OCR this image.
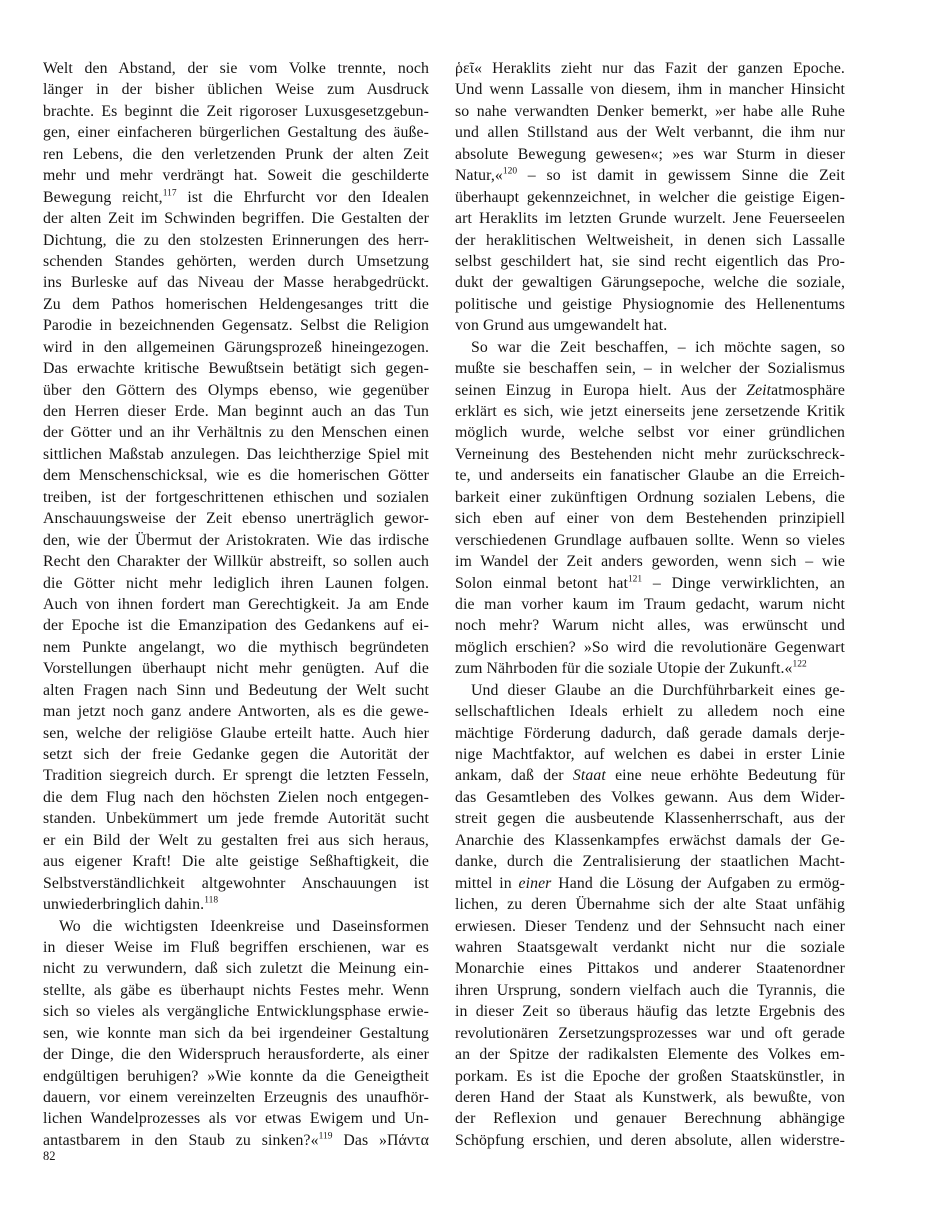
Welt den Abstand, der sie vom Volke trennte, noch
länger in der bisher üblichen Weise zum Ausdruck
brachte. Es beginnt die Zeit rigoroser Luxusgesetzgebun-
gen, einer einfacheren bürgerlichen Gestaltung des äuße-
ren Lebens, die den verletzenden Prunk der alten Zeit
mehr und mehr verdrängt hat. Soweit die geschilderte
Bewegung reicht,$^{117}$ ist die Ehrfurcht vor den Idealen
der alten Zeit im Schwinden begriffen. Die Gestalten der
Dichtung, die zu den stolzesten Erinnerungen des herr-
schenden Standes gehörten, werden durch Umsetzung
ins Burleske auf das Niveau der Masse herabgedrückt.
Zu dem Pathos homerischen Heldengesanges tritt die
Parodie in bezeichnenden Gegensatz. Selbst die Religion
wird in den allgemeinen Gärungsprozeß hineingezogen.
Das erwachte kritische Bewußtsein betätigt sich gegen-
über den Göttern des Olymps ebenso, wie gegenüber
den Herren dieser Erde. Man beginnt auch an das Tun
der Götter und an ihr Verhältnis zu den Menschen einen
sittlichen Maßstab anzulegen. Das leichtherzige Spiel mit
dem Menschenschicksal, wie es die homerischen Götter
treiben, ist der fortgeschrittenen ethischen und sozialen
Anschauungsweise der Zeit ebenso unerträglich gewor-
den, wie der Übermut der Aristokraten. Wie das irdische
Recht den Charakter der Willkür abstreift, so sollen auch
die Götter nicht mehr lediglich ihren Launen folgen.
Auch von ihnen fordert man Gerechtigkeit. Ja am Ende
der Epoche ist die Emanzipation des Gedankens auf ei-
nem Punkte angelangt, wo die mythisch begründeten
Vorstellungen überhaupt nicht mehr genügten. Auf die
alten Fragen nach Sinn und Bedeutung der Welt sucht
man jetzt noch ganz andere Antworten, als es die gewe-
sen, welche der religiöse Glaube erteilt hatte. Auch hier
setzt sich der freie Gedanke gegen die Autorität der
Tradition siegreich durch. Er sprengt die letzten Fesseln,
die dem Flug nach den höchsten Zielen noch entgegen-
standen. Unbekümmert um jede fremde Autorität sucht
er ein Bild der Welt zu gestalten frei aus sich heraus,
aus eigener Kraft! Die alte geistige Seßhaftigkeit, die
Selbstverständlichkeit altgewohnter Anschauungen ist
unwiederbringlich dahin.$^{118}$
Wo die wichtigsten Ideenkreise und Daseinsformen
in dieser Weise im Fluß begriffen erschienen, war es
nicht zu verwundern, daß sich zuletzt die Meinung ein-
stellte, als gäbe es überhaupt nichts Festes mehr. Wenn
sich so vieles als vergängliche Entwicklungsphase erwie-
sen, wie konnte man sich da bei irgendeiner Gestaltung
der Dinge, die den Widerspruch herausforderte, als einer
endgültigen beruhigen? »Wie konnte da die Geneigtheit
dauern, vor einem vereinzelten Erzeugnis des unaufhör-
lichen Wandelprozesses als vor etwas Ewigem und Un-
antastbarem in den Staub zu sinken?«$^{119}$ Das »Πάντα
ῥεῖ« Heraklits zieht nur das Fazit der ganzen Epoche.
Und wenn Lassalle von diesem, ihm in mancher Hinsicht
so nahe verwandten Denker bemerkt, »er habe alle Ruhe
und allen Stillstand aus der Welt verbannt, die ihm nur
absolute Bewegung gewesen«; »es war Sturm in dieser
Natur,«$^{120}$ – so ist damit in gewissem Sinne die Zeit
überhaupt gekennzeichnet, in welcher die geistige Eigen-
art Heraklits im letzten Grunde wurzelt. Jene Feuerseelen
der heraklitischen Weltweisheit, in denen sich Lassalle
selbst geschildert hat, sie sind recht eigentlich das Pro-
dukt der gewaltigen Gärungsepoche, welche die soziale,
politische und geistige Physiognomie des Hellenentums
von Grund aus umgewandelt hat.
So war die Zeit beschaffen, – ich möchte sagen, so
mußte sie beschaffen sein, – in welcher der Sozialismus
seinen Einzug in Europa hielt. Aus der Zeitatmosphäre
erklärt es sich, wie jetzt einerseits jene zersetzende Kritik
möglich wurde, welche selbst vor einer gründlichen
Verneinung des Bestehenden nicht mehr zurückschreck-
te, und anderseits ein fanatischer Glaube an die Erreich-
barkeit einer zukünftigen Ordnung sozialen Lebens, die
sich eben auf einer von dem Bestehenden prinzipiell
verschiedenen Grundlage aufbauen sollte. Wenn so vieles
im Wandel der Zeit anders geworden, wenn sich – wie
Solon einmal betont hat$^{121}$ – Dinge verwirklichten, an
die man vorher kaum im Traum gedacht, warum nicht
noch mehr? Warum nicht alles, was erwünscht und
möglich erschien? »So wird die revolutionäre Gegenwart
zum Nährboden für die soziale Utopie der Zukunft.«$^{122}$
Und dieser Glaube an die Durchführbarkeit eines ge-
sellschaftlichen Ideals erhielt zu alledem noch eine
mächtige Förderung dadurch, daß gerade damals derje-
nige Machtfaktor, auf welchen es dabei in erster Linie
ankam, daß der Staat eine neue erhöhte Bedeutung für
das Gesamtleben des Volkes gewann. Aus dem Wider-
streit gegen die ausbeutende Klassenherrschaft, aus der
Anarchie des Klassenkampfes erwächst damals der Ge-
danke, durch die Zentralisierung der staatlichen Macht-
mittel in einer Hand die Lösung der Aufgaben zu ermög-
lichen, zu deren Übernahme sich der alte Staat unfähig
erwiesen. Dieser Tendenz und der Sehnsucht nach einer
wahren Staatsgewalt verdankt nicht nur die soziale
Monarchie eines Pittakos und anderer Staatenordner
ihren Ursprung, sondern vielfach auch die Tyrannis, die
in dieser Zeit so überaus häufig das letzte Ergebnis des
revolutionären Zersetzungsprozesses war und oft gerade
an der Spitze der radikalsten Elemente des Volkes em-
porkam. Es ist die Epoche der großen Staatskünstler, in
deren Hand der Staat als Kunstwerk, als bewußte, von
der Reflexion und genauer Berechnung abhängige
Schöpfung erschien, und deren absolute, allen widerstre-
82
